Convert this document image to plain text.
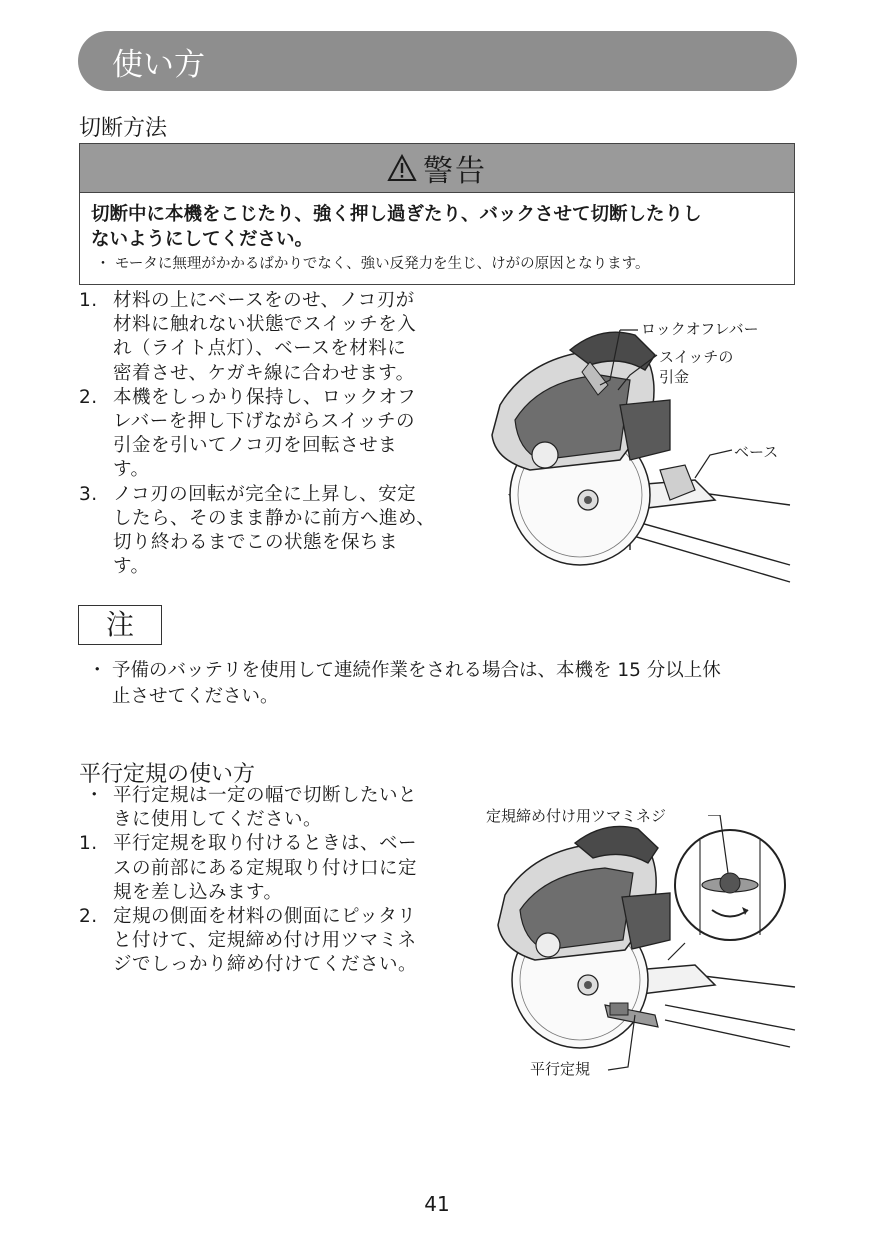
使い方
切断方法
警告
切断中に本機をこじたり、強く押し過ぎたり、バックさせて切断したりし
ないようにしてください。
・ モータに無理がかかるばかりでなく、強い反発力を生じ、けがの原因となります。
1. 材料の上にベースをのせ、ノコ刃が
材料に触れない状態でスイッチを入
れ（ライト点灯）、ベースを材料に
密着させ、ケガキ線に合わせます。
2. 本機をしっかり保持し、ロックオフ
レバーを押し下げながらスイッチの
引金を引いてノコ刃を回転させま
す。
3. ノコ刃の回転が完全に上昇し、安定
したら、そのまま静かに前方へ進め、
切り終わるまでこの状態を保ちま
す。
ロックオフレバー
スイッチの
引金
ベース
注
・ 予備のバッテリを使用して連続作業をされる場合は、本機を 15 分以上休
止させてください。
平行定規の使い方
・ 平行定規は一定の幅で切断したいと
きに使用してください。
1. 平行定規を取り付けるときは、ベー
スの前部にある定規取り付け口に定
規を差し込みます。
2. 定規の側面を材料の側面にピッタリ
と付けて、定規締め付け用ツマミネ
ジでしっかり締め付けてください。
定規締め付け用ツマミネジ
平行定規
41
